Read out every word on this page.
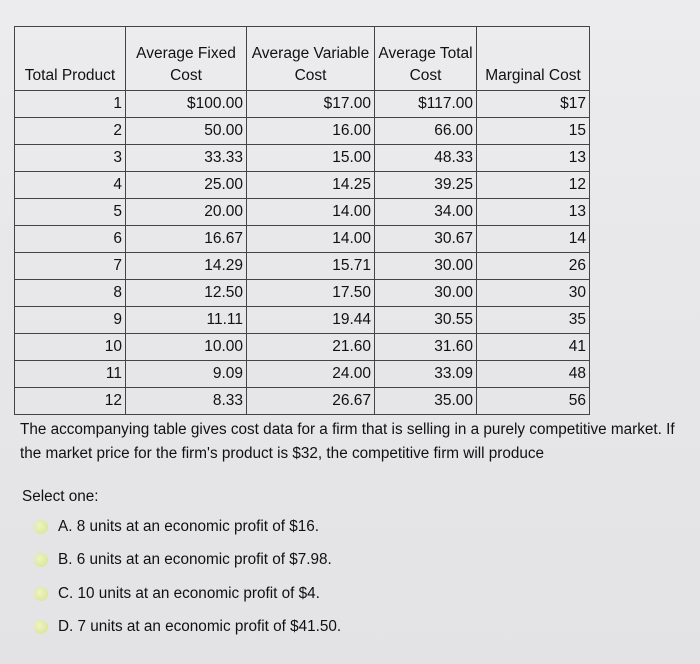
Total Product	Average Fixed Cost	Average Variable Cost	Average Total Cost	Marginal Cost
1	$100.00	$17.00	$117.00	$17
2	50.00	16.00	66.00	15
3	33.33	15.00	48.33	13
4	25.00	14.25	39.25	12
5	20.00	14.00	34.00	13
6	16.67	14.00	30.67	14
7	14.29	15.71	30.00	26
8	12.50	17.50	30.00	30
9	11.11	19.44	30.55	35
10	10.00	21.60	31.60	41
11	9.09	24.00	33.09	48
12	8.33	26.67	35.00	56
The accompanying table gives cost data for a firm that is selling in a purely competitive market. If the market price for the firm's product is $32, the competitive firm will produce
Select one:
A. 8 units at an economic profit of $16.
B. 6 units at an economic profit of $7.98.
C. 10 units at an economic profit of $4.
D. 7 units at an economic profit of $41.50.
